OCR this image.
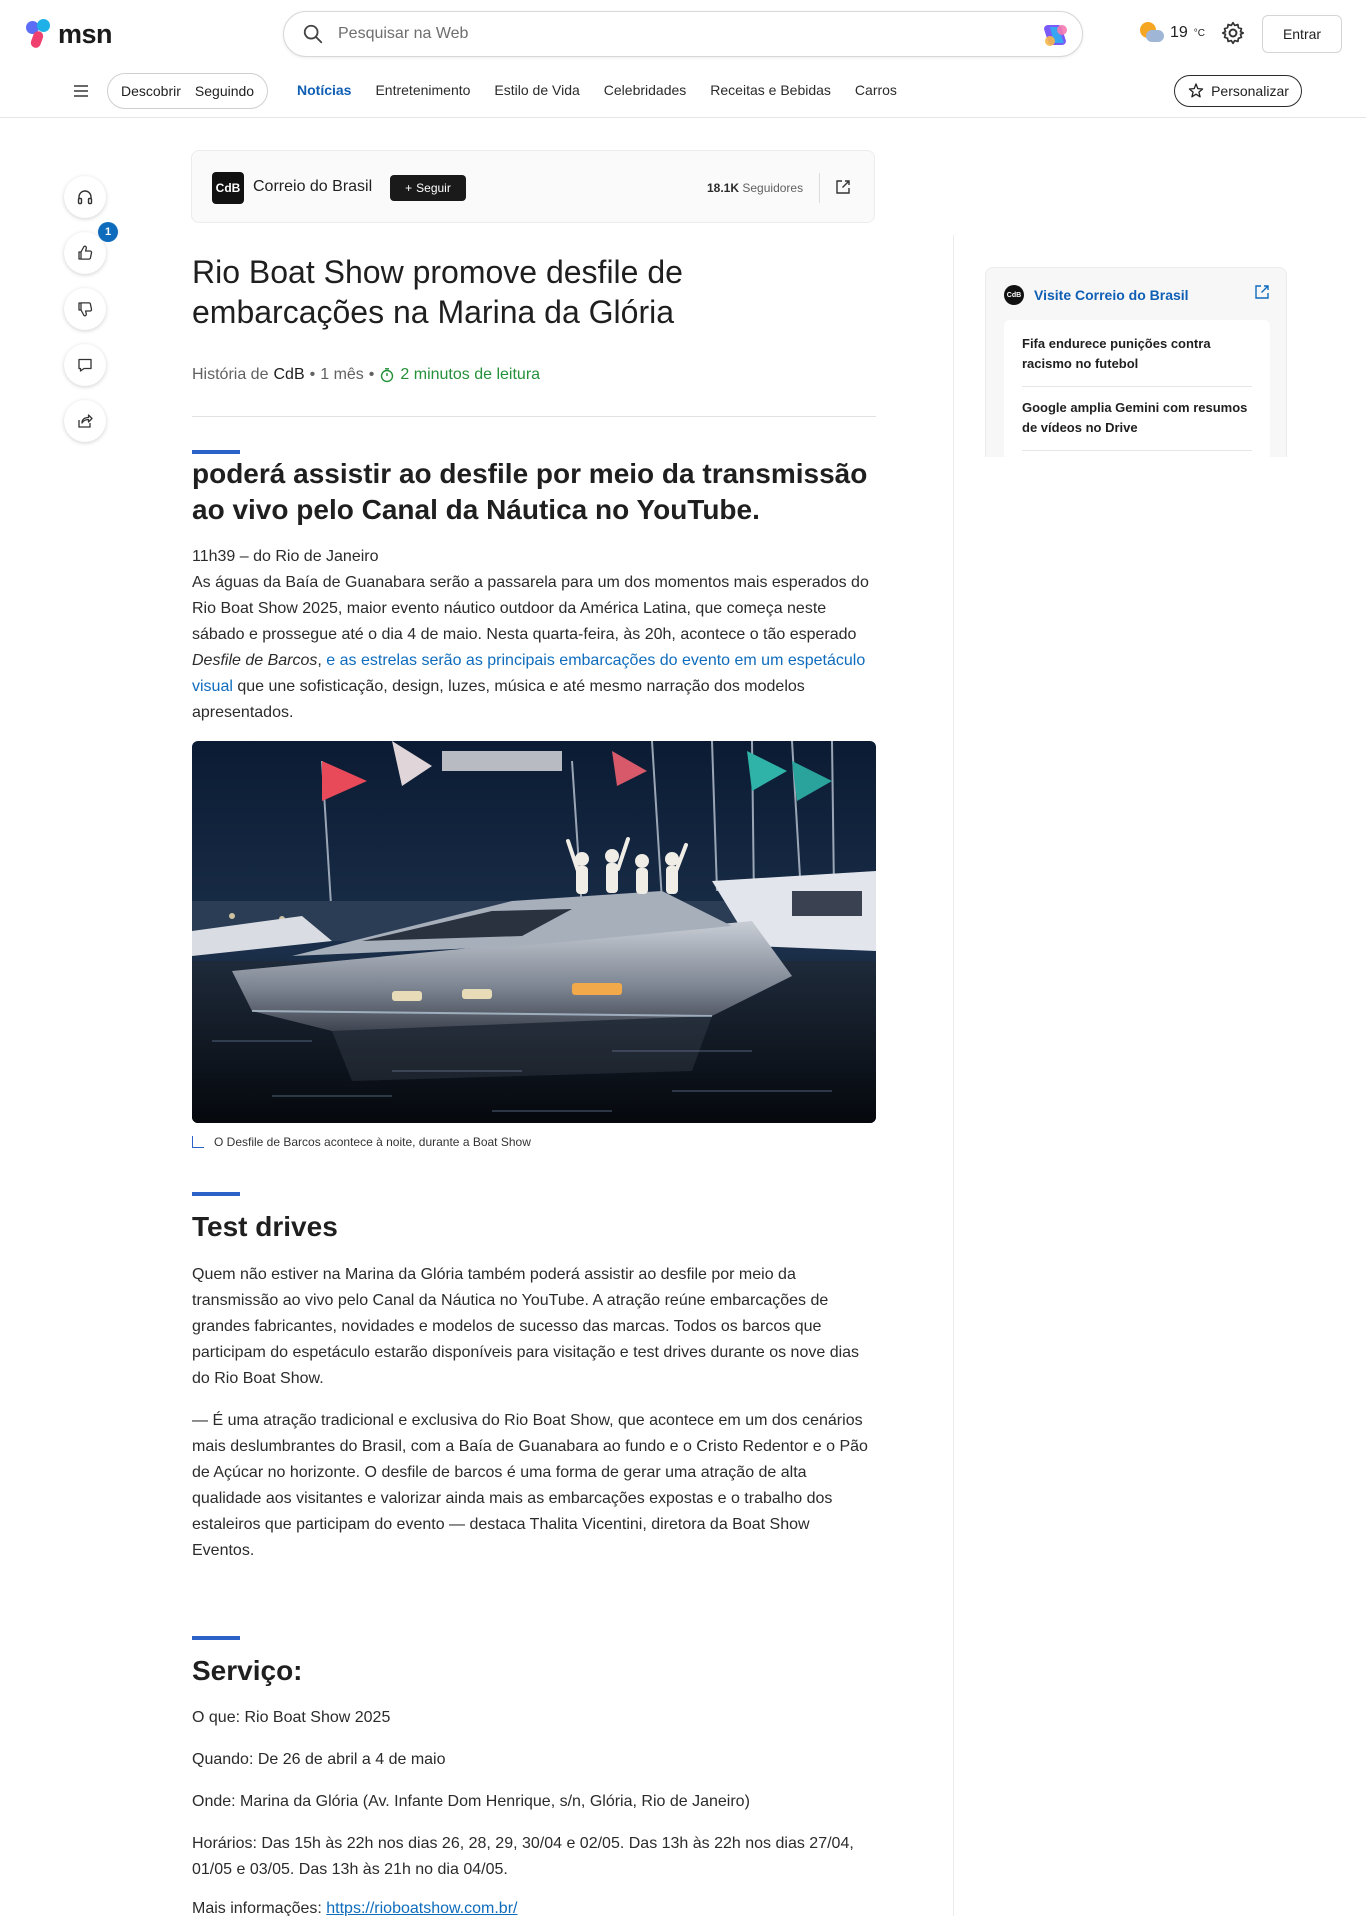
msn
Pesquisar na Web	19 °C	Entrar
Descobrir	Seguindo	Notícias Entretenimento Estilo de Vida Celebridades Receitas e Bebidas Carros	Personalizar
1
CdB Correio do Brasil	+ Seguir	18.1K Seguidores
Rio Boat Show promove desfile de embarcações na Marina da Glória
História de CdB • 1 mês • 2 minutos de leitura
poderá assistir ao desfile por meio da transmissão ao vivo pelo Canal da Náutica no YouTube.

11h39 – do Rio de Janeiro

As águas da Baía de Guanabara serão a passarela para um dos momentos mais esperados do Rio Boat Show 2025, maior evento náutico outdoor da América Latina, que começa neste sábado e prossegue até o dia 4 de maio. Nesta quarta-feira, às 20h, acontece o tão esperado Desfile de Barcos, e as estrelas serão as principais embarcações do evento em um espetáculo visual que une sofisticação, design, luzes, música e até mesmo narração dos modelos apresentados.

O Desfile de Barcos acontece à noite, durante a Boat Show
Test drives

Quem não estiver na Marina da Glória também poderá assistir ao desfile por meio da transmissão ao vivo pelo Canal da Náutica no YouTube. A atração reúne embarcações de grandes fabricantes, novidades e modelos de sucesso das marcas. Todos os barcos que participam do espetáculo estarão disponíveis para visitação e test drives durante os nove dias do Rio Boat Show.

— É uma atração tradicional e exclusiva do Rio Boat Show, que acontece em um dos cenários mais deslumbrantes do Brasil, com a Baía de Guanabara ao fundo e o Cristo Redentor e o Pão de Açúcar no horizonte. O desfile de barcos é uma forma de gerar uma atração de alta qualidade aos visitantes e valorizar ainda mais as embarcações expostas e o trabalho dos estaleiros que participam do evento — destaca Thalita Vicentini, diretora da Boat Show Eventos.

Serviço:

O que: Rio Boat Show 2025

Quando: De 26 de abril a 4 de maio

Onde: Marina da Glória (Av. Infante Dom Henrique, s/n, Glória, Rio de Janeiro)

Horários: Das 15h às 22h nos dias 26, 28, 29, 30/04 e 02/05. Das 13h às 22h nos dias 27/04, 01/05 e 03/05. Das 13h às 21h no dia 04/05.

Mais informações: https://rioboatshow.com.br/

CdB Visite Correio do Brasil
Fifa endurece punições contra racismo no futebol
Google amplia Gemini com resumos de vídeos no Drive
